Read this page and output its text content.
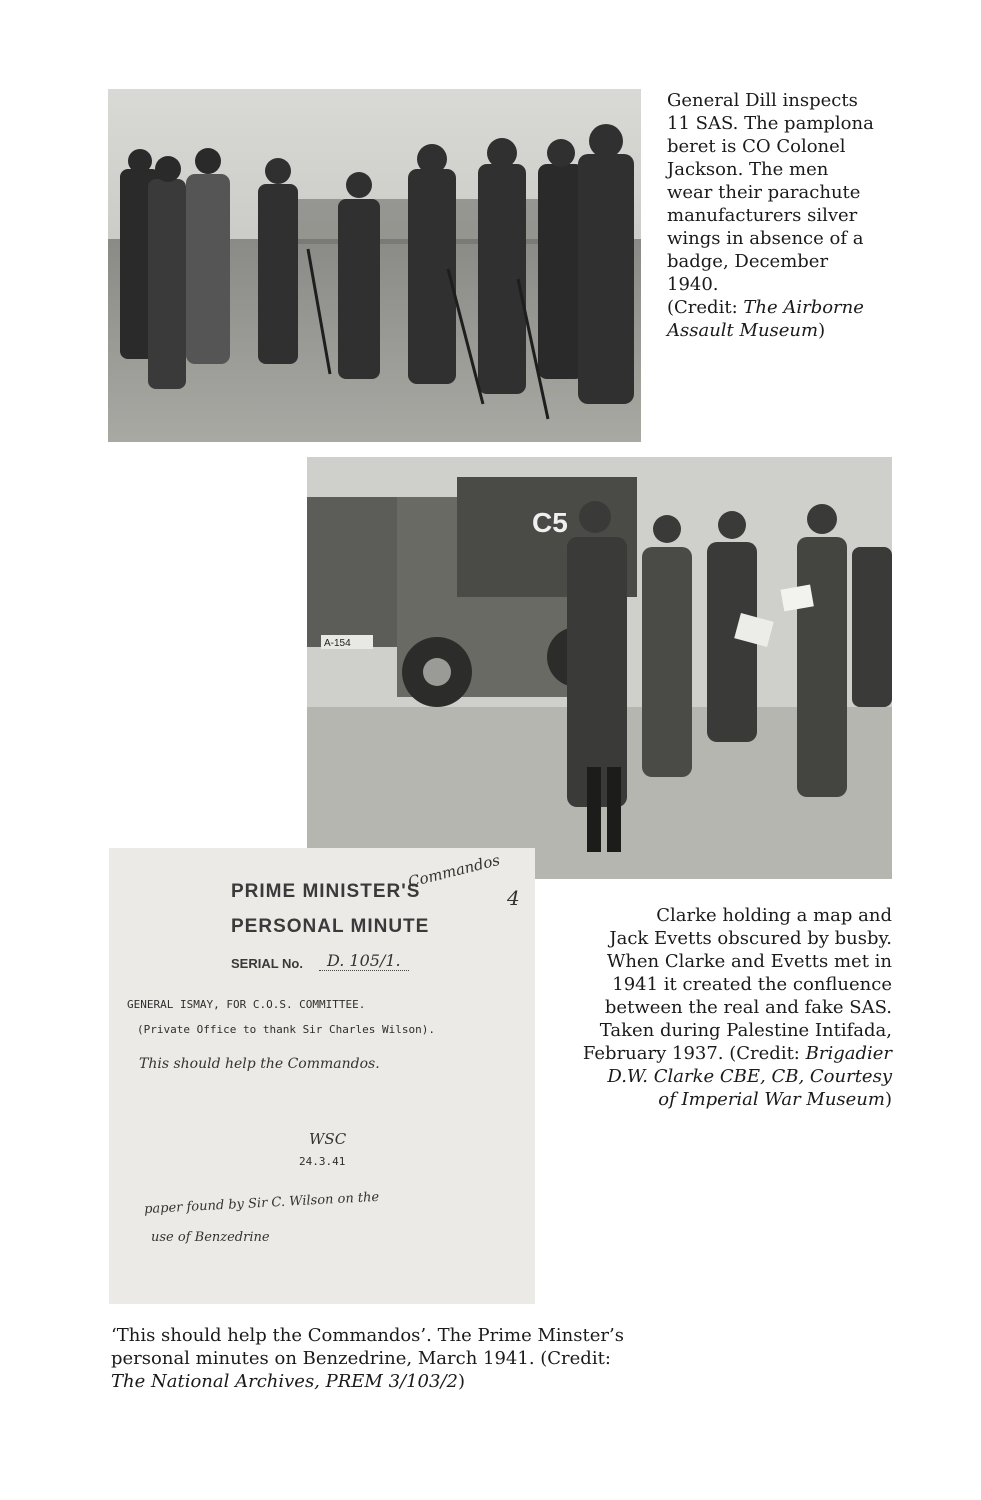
General Dill inspects

11 SAS. The pamplona

beret is CO Colonel

Jackson. The men

wear their parachute

manufacturers silver

wings in absence of a

badge, December 1940.

(Credit: The Airborne

Assault Museum)

C5
A-154
PRIME MINISTER'S
PERSONAL MINUTE
Commandos
4
SERIAL No.	D. 105/1.
GENERAL ISMAY, FOR C.O.S. COMMITTEE.
(Private Office to thank Sir Charles Wilson).
This should help the Commandos.
WSC
24.3.41
paper found by Sir C. Wilson on the
use of Benzedrine

Clarke holding a map and

Jack Evetts obscured by busby.

When Clarke and Evetts met in

1941 it created the confluence

between the real and fake SAS.

Taken during Palestine Intifada,

February 1937. (Credit: Brigadier

D.W. Clarke CBE, CB, Courtesy

of Imperial War Museum)

‘This should help the Commandos’. The Prime Minster’s

personal minutes on Benzedrine, March 1941. (Credit:

The National Archives, PREM 3/103/2)
